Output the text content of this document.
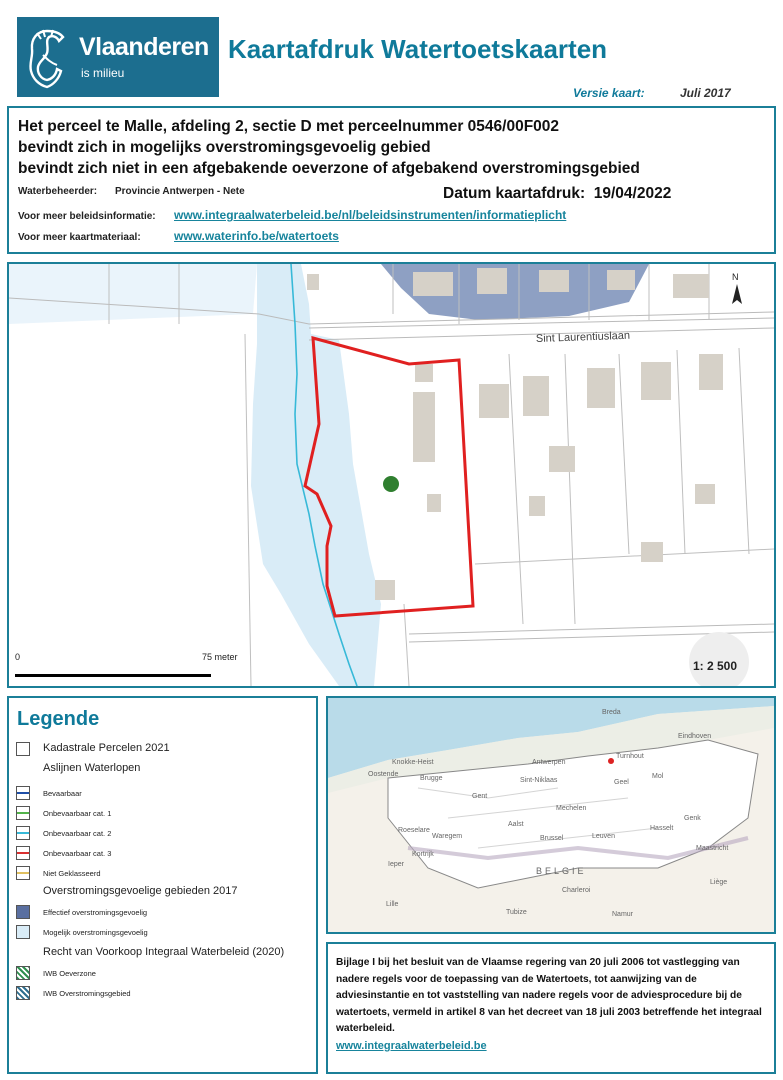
Vlaanderen
is milieu
Kaartafdruk Watertoetskaarten
Versie kaart:	Juli 2017
Het perceel te Malle, afdeling 2, sectie D met perceelnummer 0546/00F002
bevindt zich in mogelijks overstromingsgevoelig gebied
bevindt zich niet in een afgebakende oeverzone of afgebakend overstromingsgebied
Waterbeheerder: Provincie Antwerpen - Nete	Datum kaartafdruk: 19/04/2022
Voor meer beleidsinformatie: www.integraalwaterbeleid.be/nl/beleidsinstrumenten/informatieplicht
Voor meer kaartmateriaal:	www.waterinfo.be/watertoets
Sint Laurentiuslaan
N
0	75 meter
1: 2 500
Legende
Kadastrale Percelen 2021
Aslijnen Waterlopen
Bevaarbaar
Onbevaarbaar cat. 1
Onbevaarbaar cat. 2
Onbevaarbaar cat. 3
Niet Geklasseerd
Overstromingsgevoelige gebieden 2017
Effectief overstromingsgevoelig
Mogelijk overstromingsgevoelig
Recht van Voorkoop Integraal Waterbeleid (2020)
IWB Oeverzone
IWB Overstromingsgebied
Breda
Eindhoven
Knokke-Heist
Oostende
Brugge
Antwerpen
Turnhout
Sint-Niklaas	Geel
Mol
Gent
Mechelen
Roeselare
Waregem
Aalst
Hasselt
Genk
Kortrijk
Brussel	Leuven
Maastricht
Ieper
BELGIE
Liège
Namur
Charleroi
Tubize
Lille
Bijlage I bij het besluit van de Vlaamse regering van 20 juli 2006 tot vastlegging van nadere regels voor de toepassing van de Watertoets, tot aanwijzing van de adviesinstantie en tot vaststelling van nadere regels voor de adviesprocedure bij de watertoets, vermeld in artikel 8 van het decreet van 18 juli 2003 betreffende het integraal waterbeleid.
www.integraalwaterbeleid.be
